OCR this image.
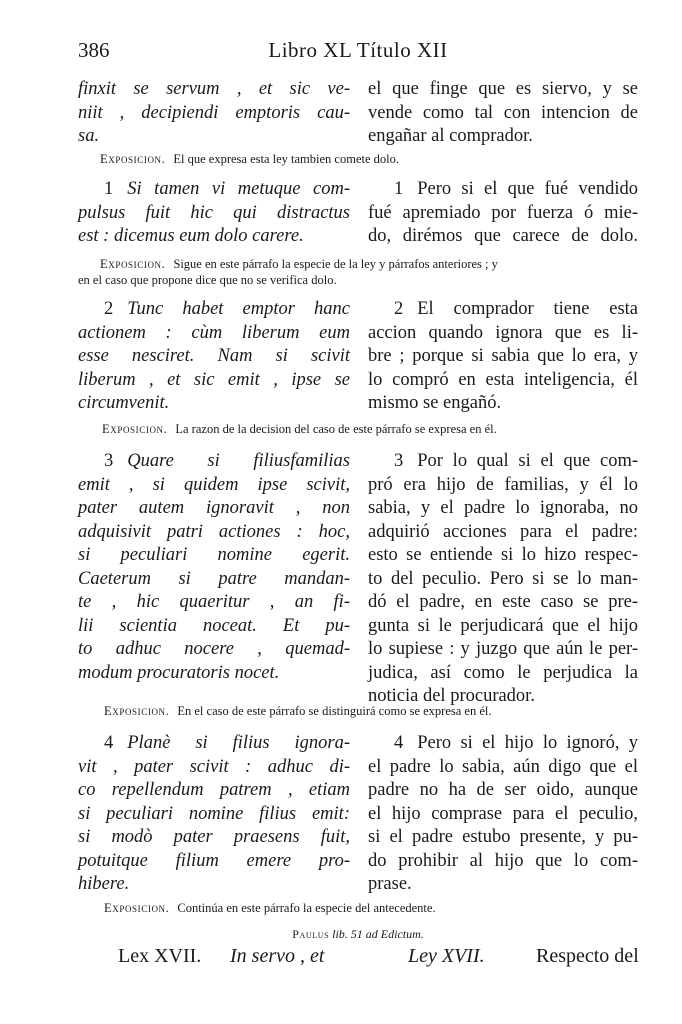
386	Libro XL Título XII
finxit se servum , et sic ve-
niit , decipiendi emptoris cau-
sa.
el que finge que es siervo, y se
vende como tal con intencion de
engañar al comprador.
Exposicion. El que expresa esta ley tambien comete dolo.
1 Si tamen vi metuque com-
pulsus fuit hic qui distractus
est : dicemus eum dolo carere.
1 Pero si el que fué vendido
fué apremiado por fuerza ó mie-
do, dirémos que carece de dolo.
Exposicion. Sigue en este párrafo la especie de la ley y párrafos anteriores ; y
en el caso que propone dice que no se verifica dolo.
2 Tunc habet emptor hanc
actionem : cùm liberum eum
esse nesciret. Nam si scivit
liberum , et sic emit , ipse se
circumvenit.
2 El comprador tiene esta
accion quando ignora que es li-
bre ; porque si sabia que lo era, y
lo compró en esta inteligencia, él
mismo se engañó.
Exposicion. La razon de la decision del caso de este párrafo se expresa en él.
3 Quare si filiusfamilias
emit , si quidem ipse scivit,
pater autem ignoravit , non
adquisivit patri actiones : hoc,
si peculiari nomine egerit.
Caeterum si patre mandan-
te , hic quaeritur , an fi-
lii scientia noceat. Et pu-
to adhuc nocere , quemad-
modum procuratoris nocet.
3 Por lo qual si el que com-
pró era hijo de familias, y él lo
sabia, y el padre lo ignoraba, no
adquirió acciones para el padre:
esto se entiende si lo hizo respec-
to del peculio. Pero si se lo man-
dó el padre, en este caso se pre-
gunta si le perjudicará que el hijo
lo supiese : y juzgo que aún le per-
judica, así como le perjudica la
noticia del procurador.
Exposicion. En el caso de este párrafo se distinguirá como se expresa en él.
4 Planè si filius ignora-
vit , pater scivit : adhuc di-
co repellendum patrem , etiam
si peculiari nomine filius emit:
si modò pater praesens fuit,
potuitque filium emere pro-
hibere.
4 Pero si el hijo lo ignoró, y
el padre lo sabia, aún digo que el
padre no ha de ser oido, aunque
el hijo comprase para el peculio,
si el padre estubo presente, y pu-
do prohibir al hijo que lo com-
prase.
Exposicion. Continúa en este párrafo la especie del antecedente.
Paulus lib. 51 ad Edictum.
Lex XVII. In servo , et	Ley XVII.	Respecto del
